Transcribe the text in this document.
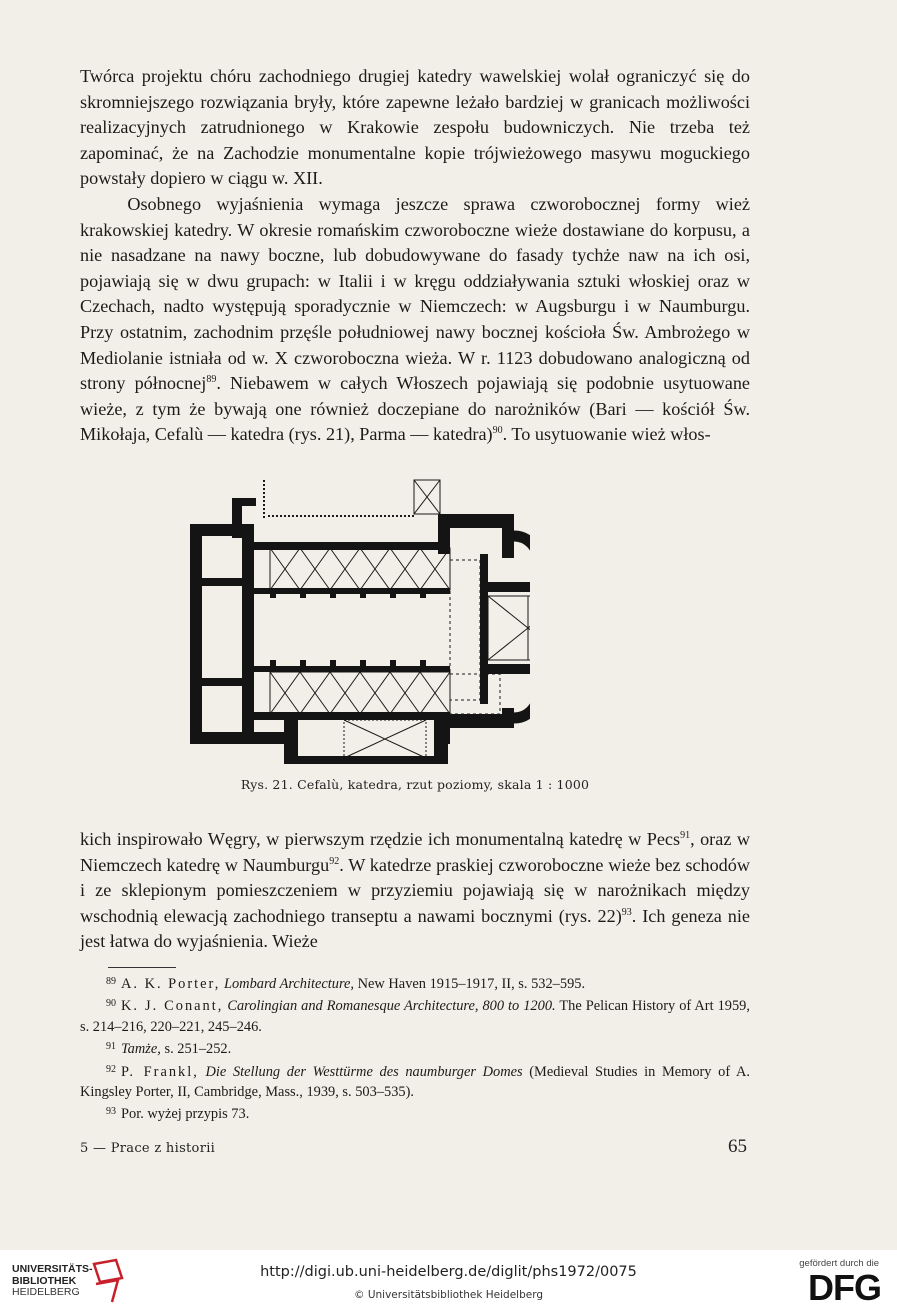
Twórca projektu chóru zachodniego drugiej katedry wawelskiej wolał ograniczyć się do skromniejszego rozwiązania bryły, które zapewne leżało bardziej w granicach możliwości realizacyjnych zatrudnionego w Krakowie zespołu budowniczych. Nie trzeba też zapominać, że na Zachodzie monumentalne kopie trójwieżowego masywu moguckiego powstały dopiero w ciągu w. XII.

Osobnego wyjaśnienia wymaga jeszcze sprawa czworobocznej formy wież krakowskiej katedry. W okresie romańskim czworoboczne wieże dostawiane do korpusu, a nie nasadzane na nawy boczne, lub dobudowywane do fasady tychże naw na ich osi, pojawiają się w dwu grupach: w Italii i w kręgu oddziaływania sztuki włoskiej oraz w Czechach, nadto występują sporadycznie w Niemczech: w Augsburgu i w Naumburgu. Przy ostatnim, zachodnim przęśle południowej nawy bocznej kościoła Św. Ambrożego w Mediolanie istniała od w. X czworoboczna wieża. W r. 1123 dobudowano analogiczną od strony północnej$^{89}$. Niebawem w całych Włoszech pojawiają się podobnie usytuowane wieże, z tym że bywają one również doczepiane do narożników (Bari — kościół Św. Mikołaja, Cefalù — katedra (rys. 21), Parma — katedra)$^{90}$. To usytuowanie wież włos-

Rys. 21. Cefalù, katedra, rzut poziomy, skala 1 : 1000

kich inspirowało Węgry, w pierwszym rzędzie ich monumentalną katedrę w Pecs$^{91}$, oraz w Niemczech katedrę w Naumburgu$^{92}$. W katedrze praskiej czworoboczne wieże bez schodów i ze sklepionym pomieszczeniem w przyziemiu pojawiają się w narożnikach między wschodnią elewacją zachodniego transeptu a nawami bocznymi (rys. 22)$^{93}$. Ich geneza nie jest łatwa do wyjaśnienia. Wieże

$^{89}$ A. K. Porter, Lombard Architecture, New Haven 1915–1917, II, s. 532–595.

$^{90}$ K. J. Conant, Carolingian and Romanesque Architecture, 800 to 1200. The Pelican History of Art 1959, s. 214–216, 220–221, 245–246.

$^{91}$ Tamże, s. 251–252.

$^{92}$ P. Frankl, Die Stellung der Westtürme des naumburger Domes (Medieval Studies in Memory of A. Kingsley Porter, II, Cambridge, Mass., 1939, s. 503–535).

$^{93}$ Por. wyżej przypis 73.

5 — Prace z historii	65
UNIVERSITÄTS-
BIBLIOTHEK
HEIDELBERG
http://digi.ub.uni-heidelberg.de/diglit/phs1972/0075
© Universitätsbibliothek Heidelberg
gefördert durch die
DFG
